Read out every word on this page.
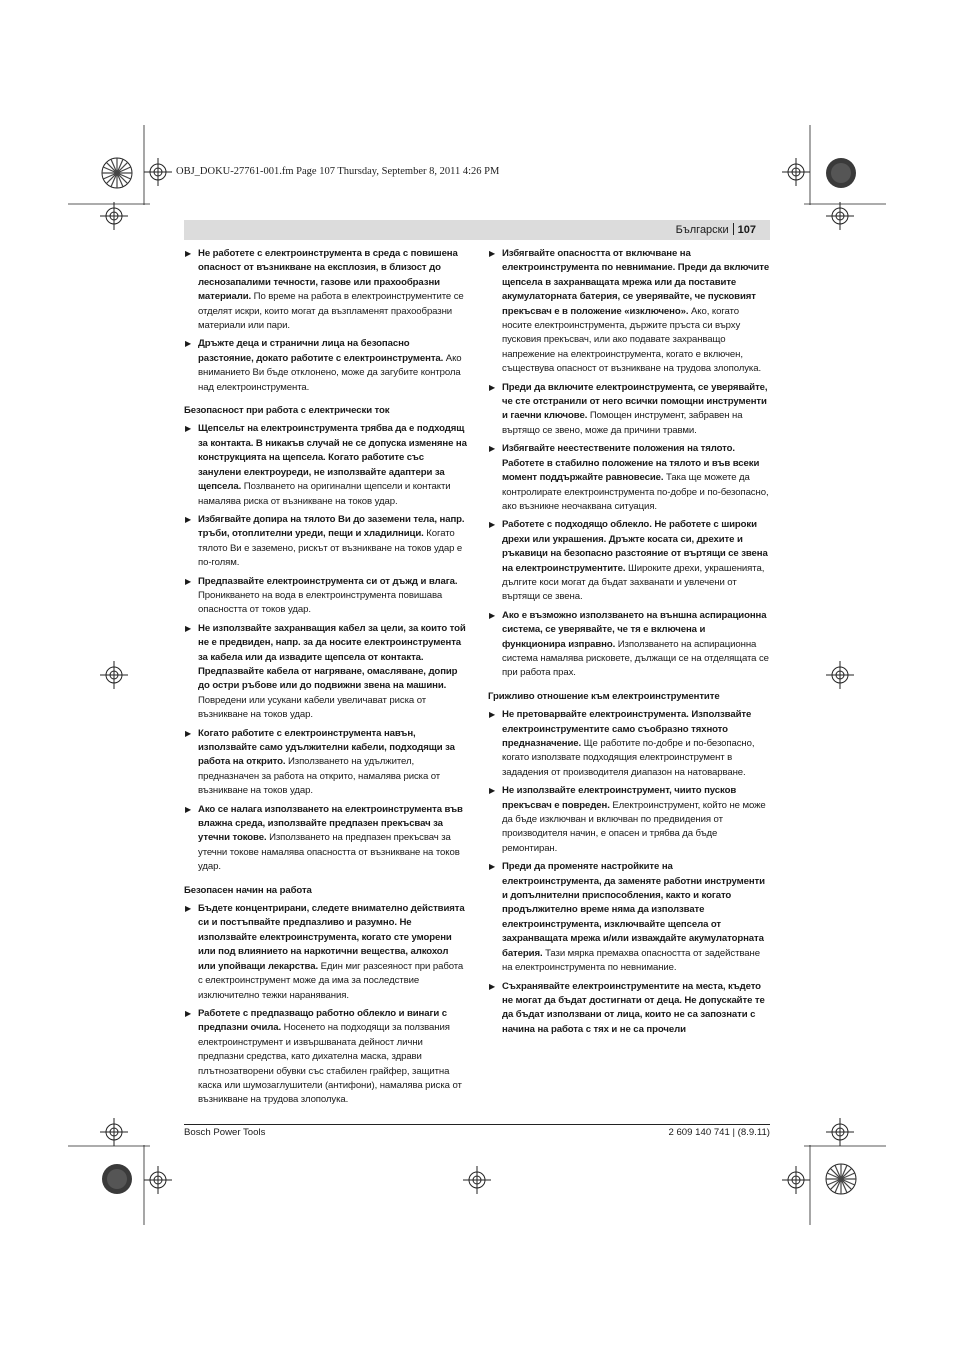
OBJ_DOKU-27761-001.fm Page 107 Thursday, September 8, 2011 4:26 PM
Български 107
▶ Не работете с електроинструмента в среда с повишена опасност от възникване на експлозия, в близост до леснозапалими течности, газове или прахообразни материали. По време на работа в електроинструментите се отделят искри, които могат да възпламенят прахообразни материали или пари.
▶ Дръжте деца и странични лица на безопасно разстояние, докато работите с електроинструмента. Ако вниманието Ви бъде отклонено, може да загубите контрола над електроинструмента.
Безопасност при работа с електрически ток
▶ Щепсельт на електроинструмента трябва да е подходящ за контакта. В никакъв случай не се допуска изменяне на конструкцията на щепсела. Когато работите със занулени електроуреди, не използвайте адаптери за щепсела. Позлването на оригинални щепсели и контакти намалява риска от възникване на токов удар.
▶ Избягвайте допира на тялото Ви до заземени тела, напр. тръби, отоплителни уреди, пещи и хладилници. Когато тялото Ви е заземено, рискът от възникване на токов удар е по-голям.
▶ Предпазвайте електроинструмента си от дъжд и влага. Проникването на вода в електроинструмента повишава опасността от токов удар.
▶ Не използвайте захранващия кабел за цели, за които той не е предвиден, напр. за да носите електроинструмента за кабела или да извадите щепсела от контакта. Предпазвайте кабела от нагряване, омасляване, допир до остри ръбове или до подвижни звена на машини. Повредени или усукани кабели увеличават риска от възникване на токов удар.
▶ Когато работите с електроинструмента навън, използвайте само удължителни кабели, подходящи за работа на открито. Използването на удължител, предназначен за работа на открито, намалява риска от възникване на токов удар.
▶ Ако се налага използването на електроинструмента във влажна среда, използвайте предпазен прекъсвач за утечни токове. Използването на предпазен прекъсвач за утечни токове намалява опасността от възникване на токов удар.
Безопасен начин на работа
▶ Бъдете концентрирани, следете внимателно действията си и постъпвайте предпазливо и разумно. Не използвайте електроинструмента, когато сте уморени или под влиянието на наркотични вещества, алкохол или упойващи лекарства. Един миг разсеяност при работа с електроинструмент може да има за последствие изключително тежки наранявания.
▶ Работете с предпазващо работно облекло и винаги с предпазни очила. Носенето на подходящи за ползвания електроинструмент и извършваната дейност лични предпазни средства, като дихателна маска, здрави плътнозатворени обувки със стабилен грайфер, защитна каска или шумозаглушители (антифони), намалява риска от възникване на трудова злополука.
▶ Избягвайте опасността от включване на електроинструмента по невнимание. Преди да включите щепсела в захранващата мрежа или да поставите акумулаторната батерия, се уверявайте, че пусковият прекъсвач е в положение «изключено». Ако, когато носите електроинструмента, държите пръста си върху пусковия прекъсвач, или ако подавате захранващо напрежение на електроинструмента, когато е включен, съществува опасност от възникване на трудова злополука.
▶ Преди да включите електроинструмента, се уверявайте, че сте отстранили от него всички помощни инструменти и гаечни ключове. Помощен инструмент, забравен на въртящо се звено, може да причини травми.
▶ Избягвайте неестествените положения на тялото. Работете в стабилно положение на тялото и във всеки момент поддържайте равновесие. Така ще можете да контролирате електроинструмента по-добре и по-безопасно, ако възникне неочаквана ситуация.
▶ Работете с подходящо облекло. Не работете с широки дрехи или украшения. Дръжте косата си, дрехите и ръкавици на безопасно разстояние от въртящи се звена на електроинструментите. Широките дрехи, украшенията, дългите коси могат да бъдат захванати и увлечени от въртящи се звена.
▶ Ако е възможно използването на външна аспирационна система, се уверявайте, че тя е включена и функционира изправно. Използването на аспирационна система намалява рисковете, дължащи се на отделящата се при работа прах.
Грижливо отношение към електроинструментите
▶ Не претоварвайте електроинструмента. Използвайте електроинструментите само съобразно тяхното предназначение. Ще работите по-добре и по-безопасно, когато използвате подходящия електроинструмент в зададения от производителя диапазон на натоварване.
▶ Не използвайте електроинструмент, чиито пусков прекъсвач е повреден. Електроинструмент, който не може да бъде изключван и включван по предвидения от производителя начин, е опасен и трябва да бъде ремонтиран.
▶ Преди да променяте настройките на електроинструмента, да заменяте работни инструменти и допълнителни приспособления, както и когато продължително време няма да използвате електроинструмента, изключвайте щепсела от захранващата мрежа и/или изваждайте акумулаторната батерия. Тази мярка премахва опасността от задействане на електроинструмента по невнимание.
▶ Съхранявайте електроинструментите на места, където не могат да бъдат достигнати от деца. Не допускайте те да бъдат използвани от лица, които не са запознати с начина на работа с тях и не са прочели
Bosch Power Tools	2 609 140 741 | (8.9.11)
